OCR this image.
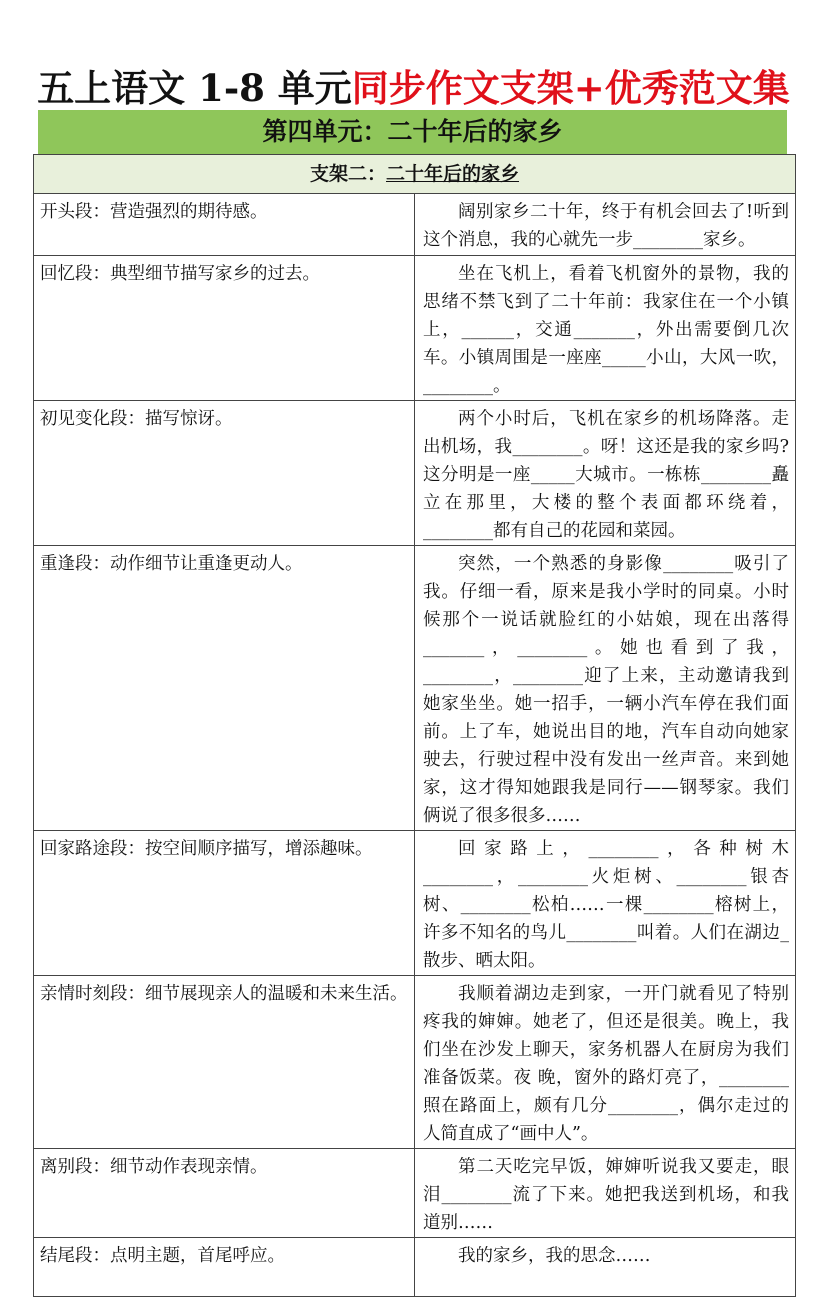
五上语文 1-8 单元同步作文支架+优秀范文集
第四单元：二十年后的家乡
支架二：二十年后的家乡	
开头段：营造强烈的期待感。	阔别家乡二十年，终于有机会回去了!听到这个消息，我的心就先一步________家乡。
回忆段：典型细节描写家乡的过去。	坐在飞机上，看着飞机窗外的景物，我的思绪不禁飞到了二十年前：我家住在一个小镇上，______，交通_______，外出需要倒几次车。小镇周围是一座座_____小山，大风一吹，________。
初见变化段：描写惊讶。	两个小时后，飞机在家乡的机场降落。走出机场，我________。呀！这还是我的家乡吗?这分明是一座_____大城市。一栋栋________矗立在那里，大楼的整个表面都环绕着，________都有自己的花园和菜园。
重逢段：动作细节让重逢更动人。	突然，一个熟悉的身影像________吸引了我。仔细一看，原来是我小学时的同桌。小时候那个一说话就脸红的小姑娘，现在出落得_______，________。她也看到了我，________，________迎了上来，主动邀请我到她家坐坐。她一招手，一辆小汽车停在我们面前。上了车，她说出目的地，汽车自动向她家驶去，行驶过程中没有发出一丝声音。来到她家，这才得知她跟我是同行——钢琴家。我们俩说了很多很多……
回家路途段：按空间顺序描写，增添趣味。	回家路上，________，各种树木________，________火炬树、________银杏树、________松柏……一棵________榕树上，许多不知名的鸟儿________叫着。人们在湖边_散步、晒太阳。
亲情时刻段：细节展现亲人的温暖和未来生活。	我顺着湖边走到家，一开门就看见了特别疼我的婶婶。她老了，但还是很美。晚上，我们坐在沙发上聊天，家务机器人在厨房为我们准备饭菜。夜 晚，窗外的路灯亮了，________照在路面上，颇有几分________，偶尔走过的人简直成了“画中人”。
离别段：细节动作表现亲情。	第二天吃完早饭，婶婶听说我又要走，眼泪________流了下来。她把我送到机场，和我道别……
结尾段：点明主题，首尾呼应。	我的家乡，我的思念……
